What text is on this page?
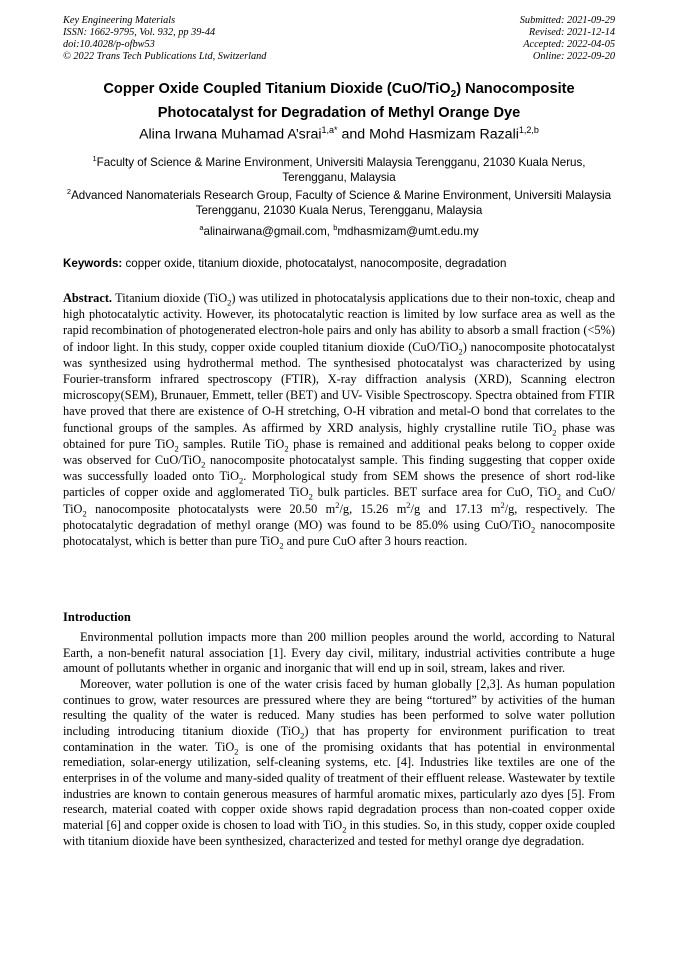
Key Engineering Materials
ISSN: 1662-9795, Vol. 932, pp 39-44
doi:10.4028/p-ofbw53
© 2022 Trans Tech Publications Ltd, Switzerland
Submitted: 2021-09-29
Revised: 2021-12-14
Accepted: 2022-04-05
Online: 2022-09-20
Copper Oxide Coupled Titanium Dioxide (CuO/TiO$_2$) Nanocomposite
Photocatalyst for Degradation of Methyl Orange Dye
Alina Irwana Muhamad A’srai$^{1,a*}$ and Mohd Hasmizam Razali$^{1,2,b}$
$^1$Faculty of Science & Marine Environment, Universiti Malaysia Terengganu, 21030 Kuala Nerus, Terengganu, Malaysia
$^2$Advanced Nanomaterials Research Group, Faculty of Science & Marine Environment, Universiti Malaysia Terengganu, 21030 Kuala Nerus, Terengganu, Malaysia
$^a$alinairwana@gmail.com, $^b$mdhasmizam@umt.edu.my
Keywords: copper oxide, titanium dioxide, photocatalyst, nanocomposite, degradation
Abstract. Titanium dioxide (TiO$_2$) was utilized in photocatalysis applications due to their non-toxic, cheap and high photocatalytic activity. However, its photocatalytic reaction is limited by low surface area as well as the rapid recombination of photogenerated electron-hole pairs and only has ability to absorb a small fraction (<5%) of indoor light. In this study, copper oxide coupled titanium dioxide (CuO/TiO$_2$) nanocomposite photocatalyst was synthesized using hydrothermal method. The synthesised photocatalyst was characterized by using Fourier-transform infrared spectroscopy (FTIR), X-ray diffraction analysis (XRD), Scanning electron microscopy(SEM), Brunauer, Emmett, teller (BET) and UV- Visible Spectroscopy. Spectra obtained from FTIR have proved that there are existence of O-H stretching, O-H vibration and metal-O bond that correlates to the functional groups of the samples. As affirmed by XRD analysis, highly crystalline rutile TiO$_2$ phase was obtained for pure TiO$_2$ samples. Rutile TiO$_2$ phase is remained and additional peaks belong to copper oxide was observed for CuO/TiO$_2$ nanocomposite photocatalyst sample. This finding suggesting that copper oxide was successfully loaded onto TiO$_2$. Morphological study from SEM shows the presence of short rod-like particles of copper oxide and agglomerated TiO$_2$ bulk particles. BET surface area for CuO, TiO$_2$ and CuO/ TiO$_2$ nanocomposite photocatalysts were 20.50 $m^2/g$, 15.26 $m^2/g$ and 17.13 $m^2/g$, respectively. The photocatalytic degradation of methyl orange (MO) was found to be 85.0% using CuO/TiO$_2$ nanocomposite photocatalyst, which is better than pure TiO$_2$ and pure CuO after 3 hours reaction.
Introduction

Environmental pollution impacts more than 200 million peoples around the world, according to Natural Earth, a non-benefit natural association [1]. Every day civil, military, industrial activities contribute a huge amount of pollutants whether in organic and inorganic that will end up in soil, stream, lakes and river.

Moreover, water pollution is one of the water crisis faced by human globally [2,3]. As human population continues to grow, water resources are pressured where they are being “tortured” by activities of the human resulting the quality of the water is reduced. Many studies has been performed to solve water pollution including introducing titanium dioxide (TiO$_2$) that has property for environment purification to treat contamination in the water. TiO$_2$ is one of the promising oxidants that has potential in environmental remediation, solar-energy utilization, self-cleaning systems, etc. [4]. Industries like textiles are one of the enterprises in of the volume and many-sided quality of treatment of their effluent release. Wastewater by textile industries are known to contain generous measures of harmful aromatic mixes, particularly azo dyes [5]. From research, material coated with copper oxide shows rapid degradation process than non-coated copper oxide material [6] and copper oxide is chosen to load with TiO$_2$ in this studies. So, in this study, copper oxide coupled with titanium dioxide have been synthesized, characterized and tested for methyl orange dye degradation.
